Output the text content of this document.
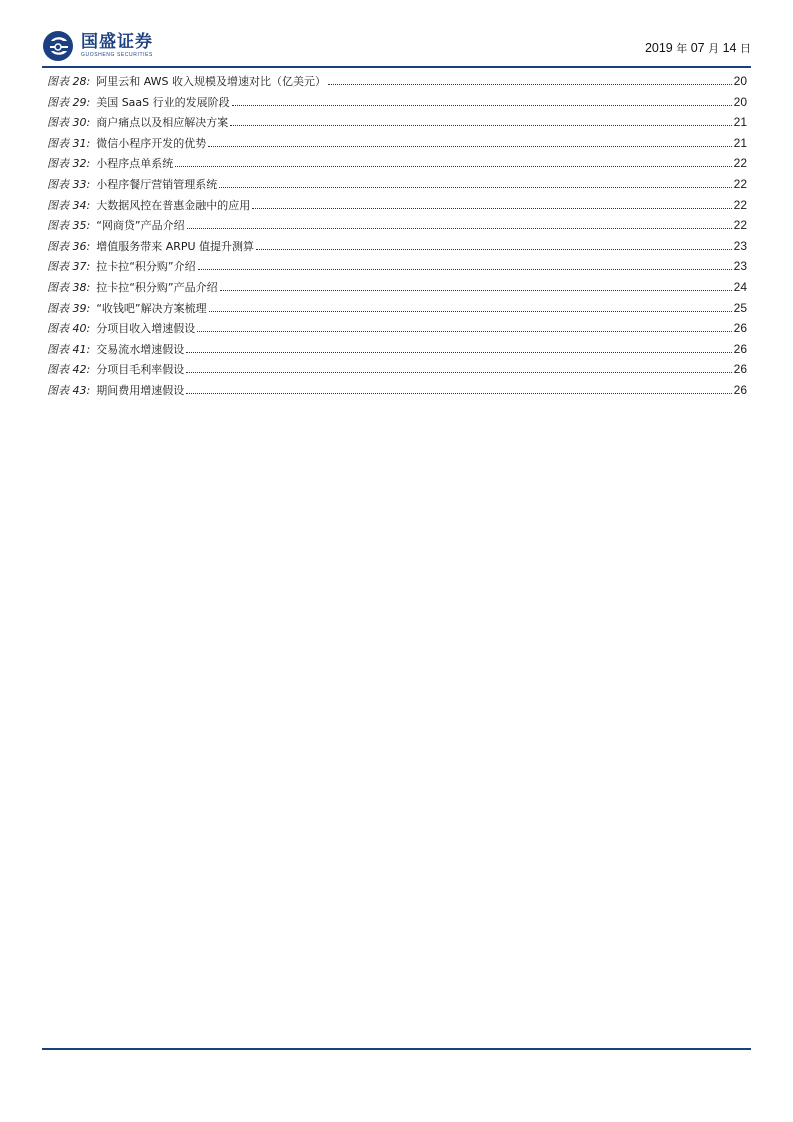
国盛证券
GUOSHENG SECURITIES	2019 年 07 月 14 日
图表 28: 阿里云和 AWS 收入规模及增速对比（亿美元）	20
图表 29: 美国 SaaS 行业的发展阶段	20
图表 30: 商户痛点以及相应解决方案	21
图表 31: 微信小程序开发的优势	21
图表 32: 小程序点单系统	22
图表 33: 小程序餐厅营销管理系统	22
图表 34: 大数据风控在普惠金融中的应用	22
图表 35: “网商贷”产品介绍	22
图表 36: 增值服务带来 ARPU 值提升测算	23
图表 37: 拉卡拉“积分购”介绍	23
图表 38: 拉卡拉“积分购”产品介绍	24
图表 39: “收钱吧”解决方案梳理	25
图表 40: 分项目收入增速假设	26
图表 41: 交易流水增速假设	26
图表 42: 分项目毛利率假设	26
图表 43: 期间费用增速假设	26
